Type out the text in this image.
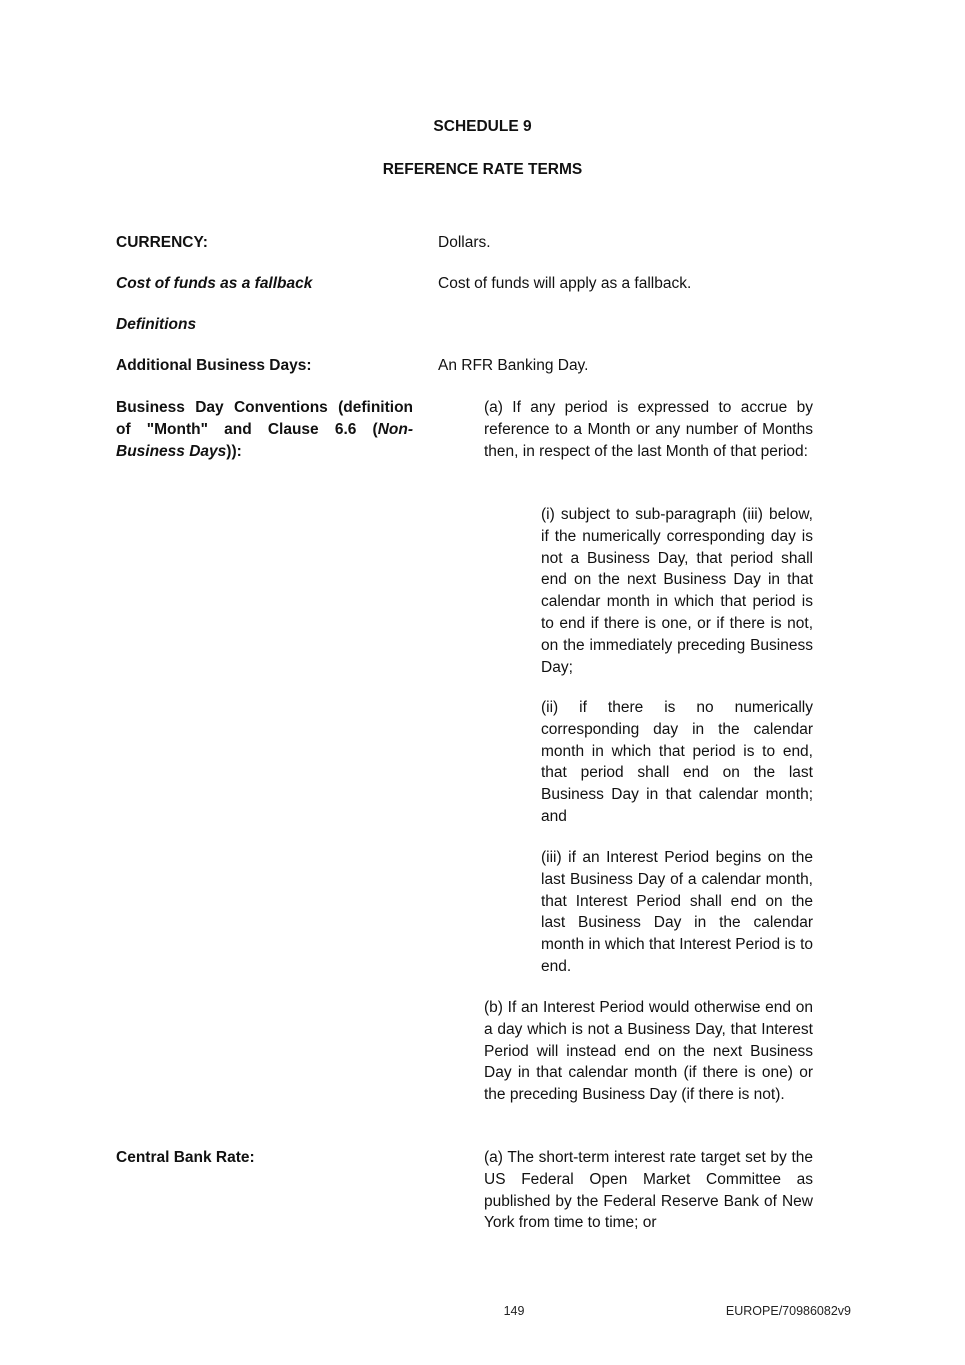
SCHEDULE 9
REFERENCE RATE TERMS
CURRENCY:	Dollars.
Cost of funds as a fallback	Cost of funds will apply as a fallback.
Definitions
Additional Business Days:	An RFR Banking Day.
Business Day Conventions (definition of "Month" and Clause 6.6 (Non-Business Days)):
(a) If any period is expressed to accrue by reference to a Month or any number of Months then, in respect of the last Month of that period:
(i) subject to sub-paragraph (iii) below, if the numerically corresponding day is not a Business Day, that period shall end on the next Business Day in that calendar month in which that period is to end if there is one, or if there is not, on the immediately preceding Business Day;
(ii) if there is no numerically corresponding day in the calendar month in which that period is to end, that period shall end on the last Business Day in that calendar month; and
(iii) if an Interest Period begins on the last Business Day of a calendar month, that Interest Period shall end on the last Business Day in the calendar month in which that Interest Period is to end.
(b) If an Interest Period would otherwise end on a day which is not a Business Day, that Interest Period will instead end on the next Business Day in that calendar month (if there is one) or the preceding Business Day (if there is not).
Central Bank Rate:	(a) The short-term interest rate target set by the US Federal Open Market Committee as published by the Federal Reserve Bank of New York from time to time; or
149	EUROPE/70986082v9
